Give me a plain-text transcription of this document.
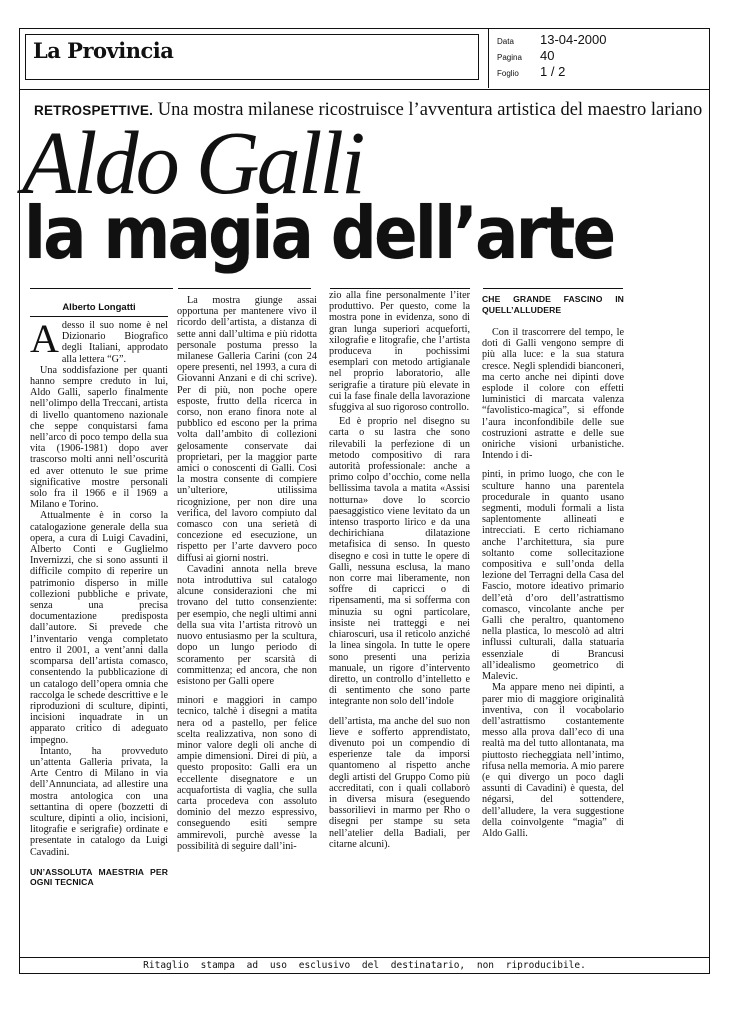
La Provincia	Data	13-04-2000
Pagina	40
Foglio	1 / 2
RETROSPETTIVE. Una mostra milanese ricostruisce l’avventura artistica del maestro lariano
Aldo Galli
la magia dell’arte
Alberto Longatti

Adesso il suo nome è nel Dizionario Biografico degli Italiani, approdato alla lettera “G”.

Una soddisfazione per quanti hanno sempre creduto in lui, Aldo Galli, saperlo finalmente nell’olimpo della Treccani, artista di livello quantomeno nazionale che seppe conquistarsi fama nell’arco di poco tempo della sua vita (1906-1981) dopo aver trascorso molti anni nell’oscurità ed aver ottenuto le sue prime significative mostre personali solo fra il 1966 e il 1969 a Milano e Torino.

Attualmente è in corso la catalogazione generale della sua opera, a cura di Luigi Cavadini, Alberto Conti e Guglielmo Invernizzi, che si sono assunti il difficile compito di reperire un patrimonio disperso in mille collezioni pubbliche e private, senza una precisa documentazione predisposta dall’autore. Si prevede che l’inventario venga completato entro il 2001, a vent’anni dalla scomparsa dell’artista comasco, consentendo la pubblicazione di un catalogo dell’opera omnia che raccolga le schede descrittive e le riproduzioni di sculture, dipinti, incisioni inquadrate in un apparato critico di adeguato impegno.

Intanto, ha provveduto un’attenta Galleria privata, la Arte Centro di Milano in via dell’Annunciata, ad allestire una mostra antologica con una settantina di opere (bozzetti di sculture, dipinti a olio, incisioni, litografie e serigrafie) ordinate e presentate in catalogo da Luigi Cavadini.

UN’ASSOLUTA MAESTRIA PER OGNI TECNICA

La mostra giunge assai opportuna per mantenere vivo il ricordo dell’artista, a distanza di sette anni dall’ultima e più ridotta personale postuma presso la milanese Galleria Carini (con 24 opere presenti, nel 1993, a cura di Giovanni Anzani e di chi scrive). Per di più, non poche opere esposte, frutto della ricerca in corso, non erano finora note al pubblico ed escono per la prima volta dall’ambito di collezioni gelosamente conservate dai proprietari, per la maggior parte amici o conoscenti di Galli. Così la mostra consente di compiere un’ulteriore, utilissima ricognizione, per non dire una verifica, del lavoro compiuto dal comasco con una serietà di concezione ed esecuzione, un rispetto per l’arte davvero poco diffusi ai giorni nostri.

Cavadini annota nella breve nota introduttiva sul catalogo alcune considerazioni che mi trovano del tutto consenziente: per esempio, che negli ultimi anni della sua vita l’artista ritrovò un nuovo entusiasmo per la scultura, dopo un lungo periodo di scoramento per scarsità di committenza; ed ancora, che non esistono per Galli opere

minori e maggiori in campo tecnico, talchè i disegni a matita nera od a pastello, per felice scelta realizzativa, non sono di minor valore degli oli anche di ampie dimensioni. Direi di più, a questo proposito: Galli era un eccellente disegnatore e un acquafortista di vaglia, che sulla carta procedeva con assoluto dominio del mezzo espressivo, conseguendo esiti sempre ammirevoli, purchè avesse la possibilità di seguire dall’ini-

zio alla fine personalmente l’iter produttivo. Per questo, come la mostra pone in evidenza, sono di gran lunga superiori acqueforti, xilografie e litografie, che l’artista produceva in pochissimi esemplari con metodo artigianale nel proprio laboratorio, alle serigrafie a tirature più elevate in cui la fase finale della lavorazione sfuggiva al suo rigoroso controllo.

Ed è proprio nel disegno su carta o su lastra che sono rilevabili la perfezione di un metodo compositivo di rara autorità professionale: anche a primo colpo d’occhio, come nella bellissima tavola a matita «Assisi notturna» dove lo scorcio paesaggistico viene levitato da un intenso trasporto lirico e da una dechirichiana dilatazione metafisica di senso. In questo disegno e così in tutte le opere di Galli, nessuna esclusa, la mano non corre mai liberamente, non soffre di capricci o di ripensamenti, ma si sofferma con minuzia su ogni particolare, insiste nei tratteggi e nei chiaroscuri, usa il reticolo anziché la linea singola. In tutte le opere sono presenti una perizia manuale, un rigore d’intervento diretto, un controllo d’intelletto e di sentimento che sono parte integrante non solo dell’indole

dell’artista, ma anche del suo non lieve e sofferto apprendistato, divenuto poi un compendio di esperienze tale da imporsi quantomeno al rispetto anche degli artisti del Gruppo Como più accreditati, con i quali collaborò in diversa misura (eseguendo bassorilievi in marmo per Rho o disegni per stampe su seta nell’atelier della Badiali, per citarne alcuni).

CHE GRANDE FASCINO IN QUELL’ALLUDERE

Con il trascorrere del tempo, le doti di Galli vengono sempre di più alla luce: e la sua statura cresce. Negli splendidi bianconeri, ma certo anche nei dipinti dove esplode il colore con effetti luministici di marcata valenza “favolistico-magica”, si effonde l’aura inconfondibile delle sue costruzioni astratte e delle sue oniriche visioni urbanistiche. Intendo i di-

pinti, in primo luogo, che con le sculture hanno una parentela procedurale in quanto usano segmenti, moduli formali a lista saplentomente allineati e intrecciati. E certo richiamano anche l’architettura, sia pure soltanto come sollecitazione compositiva e sull’onda della lezione del Terragni della Casa del Fascio, motore ideativo primario dell’età d’oro dell’astrattismo comasco, vincolante anche per Galli che peraltro, quantomeno nella plastica, lo mescolò ad altri influssi culturali, dalla statuaria essenziale di Brancusi all’idealismo geometrico di Malevic.

Ma appare meno nei dipinti, a parer mio di maggiore originalità inventiva, con il vocabolario dell’astrattismo costantemente messo alla prova dall’eco di una realtà ma del tutto allontanata, ma piuttosto riecheggiata nell’intimo, rifusa nella memoria. A mio parere (e qui divergo un poco dagli assunti di Cavadini) è questa, del négarsi, del sottendere, dell’alludere, la vera suggestione della coinvolgente “magia” di Aldo Galli.

Ritaglio stampa ad uso esclusivo del destinatario, non riproducibile.
